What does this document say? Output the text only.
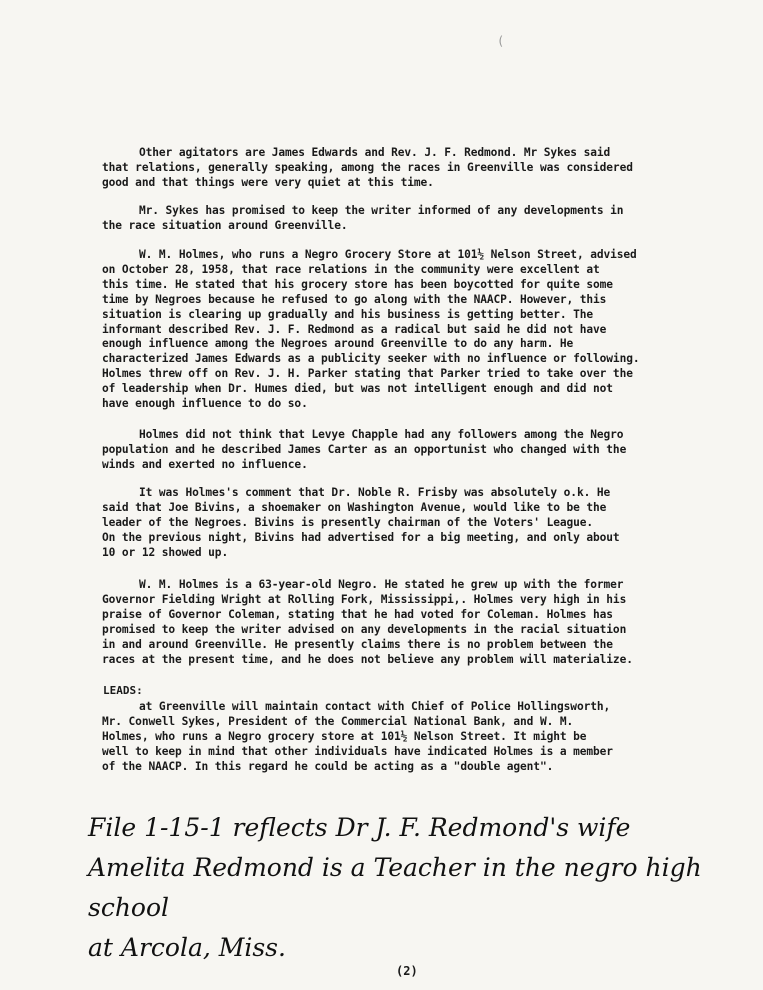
(
Other agitators are James Edwards and Rev. J. F. Redmond. Mr Sykes said
that relations, generally speaking, among the races in Greenville was considered
good and that things were very quiet at this time.
Mr. Sykes has promised to keep the writer informed of any developments in
the race situation around Greenville.
W. M. Holmes, who runs a Negro Grocery Store at 101½ Nelson Street, advised
on October 28, 1958, that race relations in the community were excellent at
this time. He stated that his grocery store has been boycotted for quite some
time by Negroes because he refused to go along with the NAACP. However, this
situation is clearing up gradually and his business is getting better. The
informant described Rev. J. F. Redmond as a radical but said he did not have
enough influence among the Negroes around Greenville to do any harm. He
characterized James Edwards as a publicity seeker with no influence or following.
Holmes threw off on Rev. J. H. Parker stating that Parker tried to take over the
of leadership when Dr. Humes died, but was not intelligent enough and did not
have enough influence to do so.
Holmes did not think that Levye Chapple had any followers among the Negro
population and he described James Carter as an opportunist who changed with the
winds and exerted no influence.
It was Holmes's comment that Dr. Noble R. Frisby was absolutely o.k. He
said that Joe Bivins, a shoemaker on Washington Avenue, would like to be the
leader of the Negroes. Bivins is presently chairman of the Voters' League.
On the previous night, Bivins had advertised for a big meeting, and only about
10 or 12 showed up.
W. M. Holmes is a 63-year-old Negro. He stated he grew up with the former
Governor Fielding Wright at Rolling Fork, Mississippi,. Holmes very high in his
praise of Governor Coleman, stating that he had voted for Coleman. Holmes has
promised to keep the writer advised on any developments in the racial situation
in and around Greenville. He presently claims there is no problem between the
races at the present time, and he does not believe any problem will materialize.
LEADS:
at Greenville will maintain contact with Chief of Police Hollingsworth,
Mr. Conwell Sykes, President of the Commercial National Bank, and W. M.
Holmes, who runs a Negro grocery store at 101½ Nelson Street. It might be
well to keep in mind that other individuals have indicated Holmes is a member
of the NAACP. In this regard he could be acting as a "double agent".
File 1-15-1 reflects Dr J. F. Redmond's wife
Amelita Redmond is a Teacher in the negro high school
at Arcola, Miss.
(2)
